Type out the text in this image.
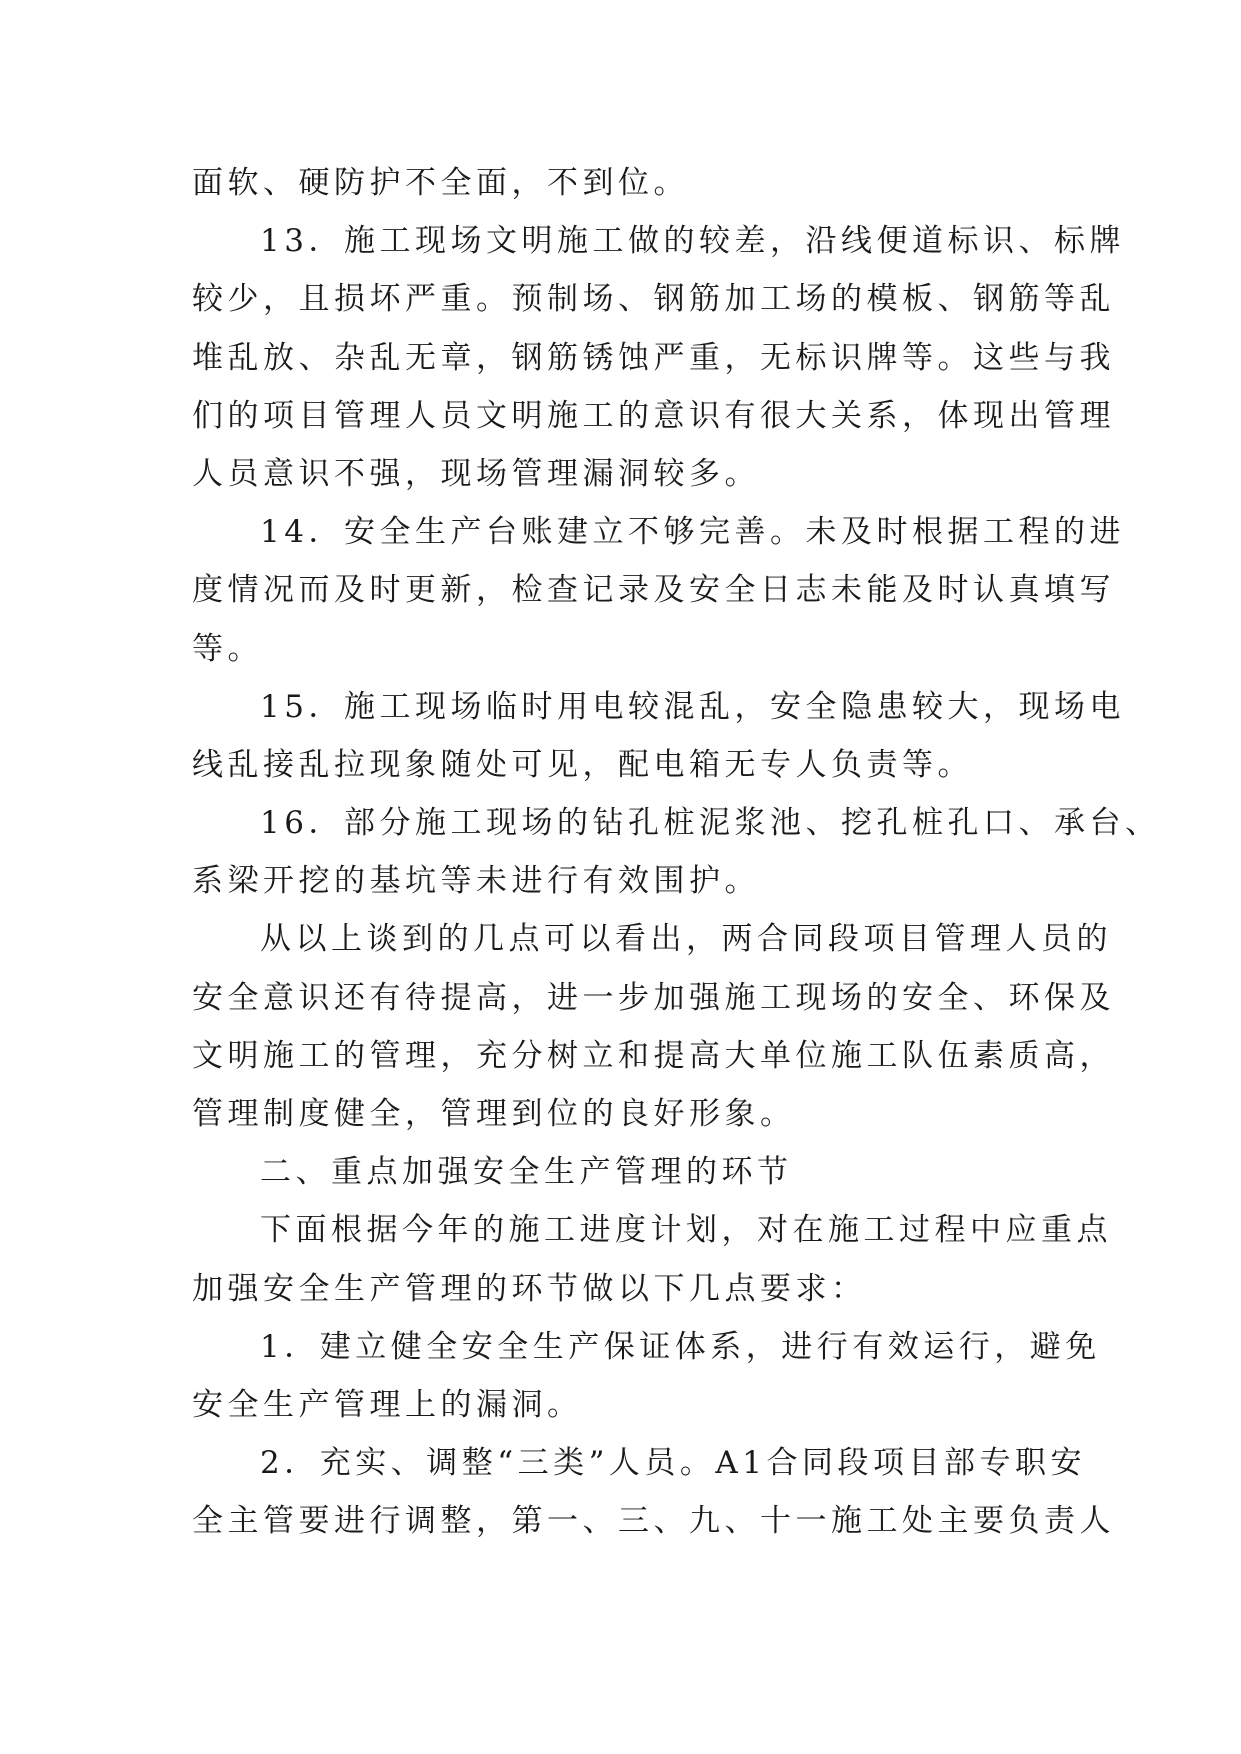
面软、硬防护不全面，不到位。
13．施工现场文明施工做的较差，沿线便道标识、标牌
较少，且损坏严重。预制场、钢筋加工场的模板、钢筋等乱
堆乱放、杂乱无章，钢筋锈蚀严重，无标识牌等。这些与我
们的项目管理人员文明施工的意识有很大关系，体现出管理
人员意识不强，现场管理漏洞较多。
14．安全生产台账建立不够完善。未及时根据工程的进
度情况而及时更新，检查记录及安全日志未能及时认真填写
等。
15．施工现场临时用电较混乱，安全隐患较大，现场电
线乱接乱拉现象随处可见，配电箱无专人负责等。
16．部分施工现场的钻孔桩泥浆池、挖孔桩孔口、承台、
系梁开挖的基坑等未进行有效围护。
从以上谈到的几点可以看出，两合同段项目管理人员的
安全意识还有待提高，进一步加强施工现场的安全、环保及
文明施工的管理，充分树立和提高大单位施工队伍素质高，
管理制度健全，管理到位的良好形象。
二、重点加强安全生产管理的环节
下面根据今年的施工进度计划，对在施工过程中应重点
加强安全生产管理的环节做以下几点要求：
1．建立健全安全生产保证体系，进行有效运行，避免
安全生产管理上的漏洞。
2．充实、调整“三类”人员。A1合同段项目部专职安
全主管要进行调整，第一、三、九、十一施工处主要负责人
